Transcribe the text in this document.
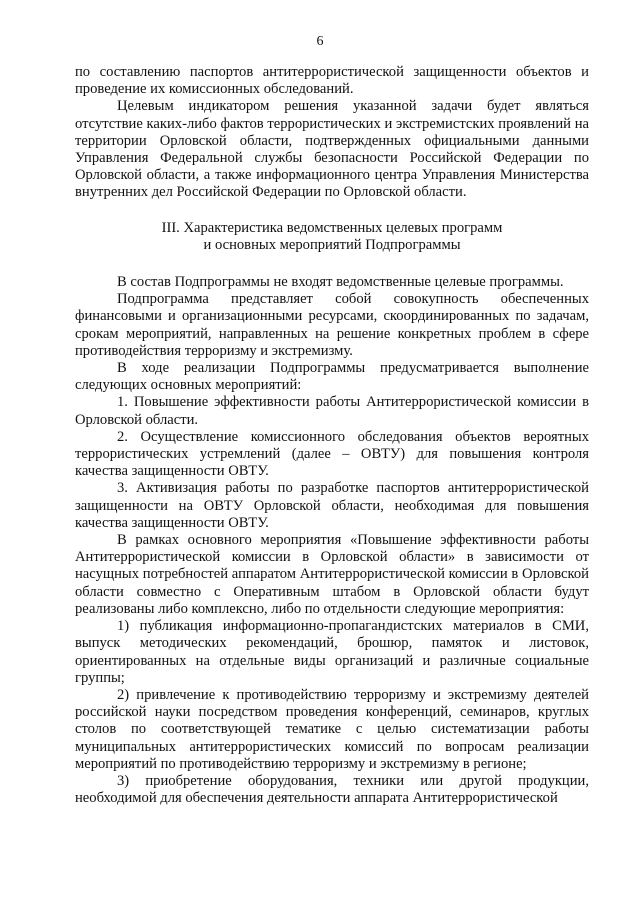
6

по составлению паспортов антитеррористической защищенности объектов и проведение их комиссионных обследований.

Целевым индикатором решения указанной задачи будет являться отсутствие каких-либо фактов террористических и экстремистских проявлений на территории Орловской области, подтвержденных официальными данными Управления Федеральной службы безопасности Российской Федерации по Орловской области, а также информационного центра Управления Министерства внутренних дел Российской Федерации по Орловской области.

III. Характеристика ведомственных целевых программ
и основных мероприятий Подпрограммы

В состав Подпрограммы не входят ведомственные целевые программы.

Подпрограмма представляет собой совокупность обеспеченных финансовыми и организационными ресурсами, скоординированных по задачам, срокам мероприятий, направленных на решение конкретных проблем в сфере противодействия терроризму и экстремизму.

В ходе реализации Подпрограммы предусматривается выполнение следующих основных мероприятий:

1. Повышение эффективности работы Антитеррористической комиссии в Орловской области.

2. Осуществление комиссионного обследования объектов вероятных террористических устремлений (далее – ОВТУ) для повышения контроля качества защищенности ОВТУ.

3. Активизация работы по разработке паспортов антитеррористической защищенности на ОВТУ Орловской области, необходимая для повышения качества защищенности ОВТУ.

В рамках основного мероприятия «Повышение эффективности работы Антитеррористической комиссии в Орловской области» в зависимости от насущных потребностей аппаратом Антитеррористической комиссии в Орловской области совместно с Оперативным штабом в Орловской области будут реализованы либо комплексно, либо по отдельности следующие мероприятия:

1) публикация информационно-пропагандистских материалов в СМИ, выпуск методических рекомендаций, брошюр, памяток и листовок, ориентированных на отдельные виды организаций и различные социальные группы;

2) привлечение к противодействию терроризму и экстремизму деятелей российской науки посредством проведения конференций, семинаров, круглых столов по соответствующей тематике с целью систематизации работы муниципальных антитеррористических комиссий по вопросам реализации мероприятий по противодействию терроризму и экстремизму в регионе;

3) приобретение оборудования, техники или другой продукции, необходимой для обеспечения деятельности аппарата Антитеррористической
